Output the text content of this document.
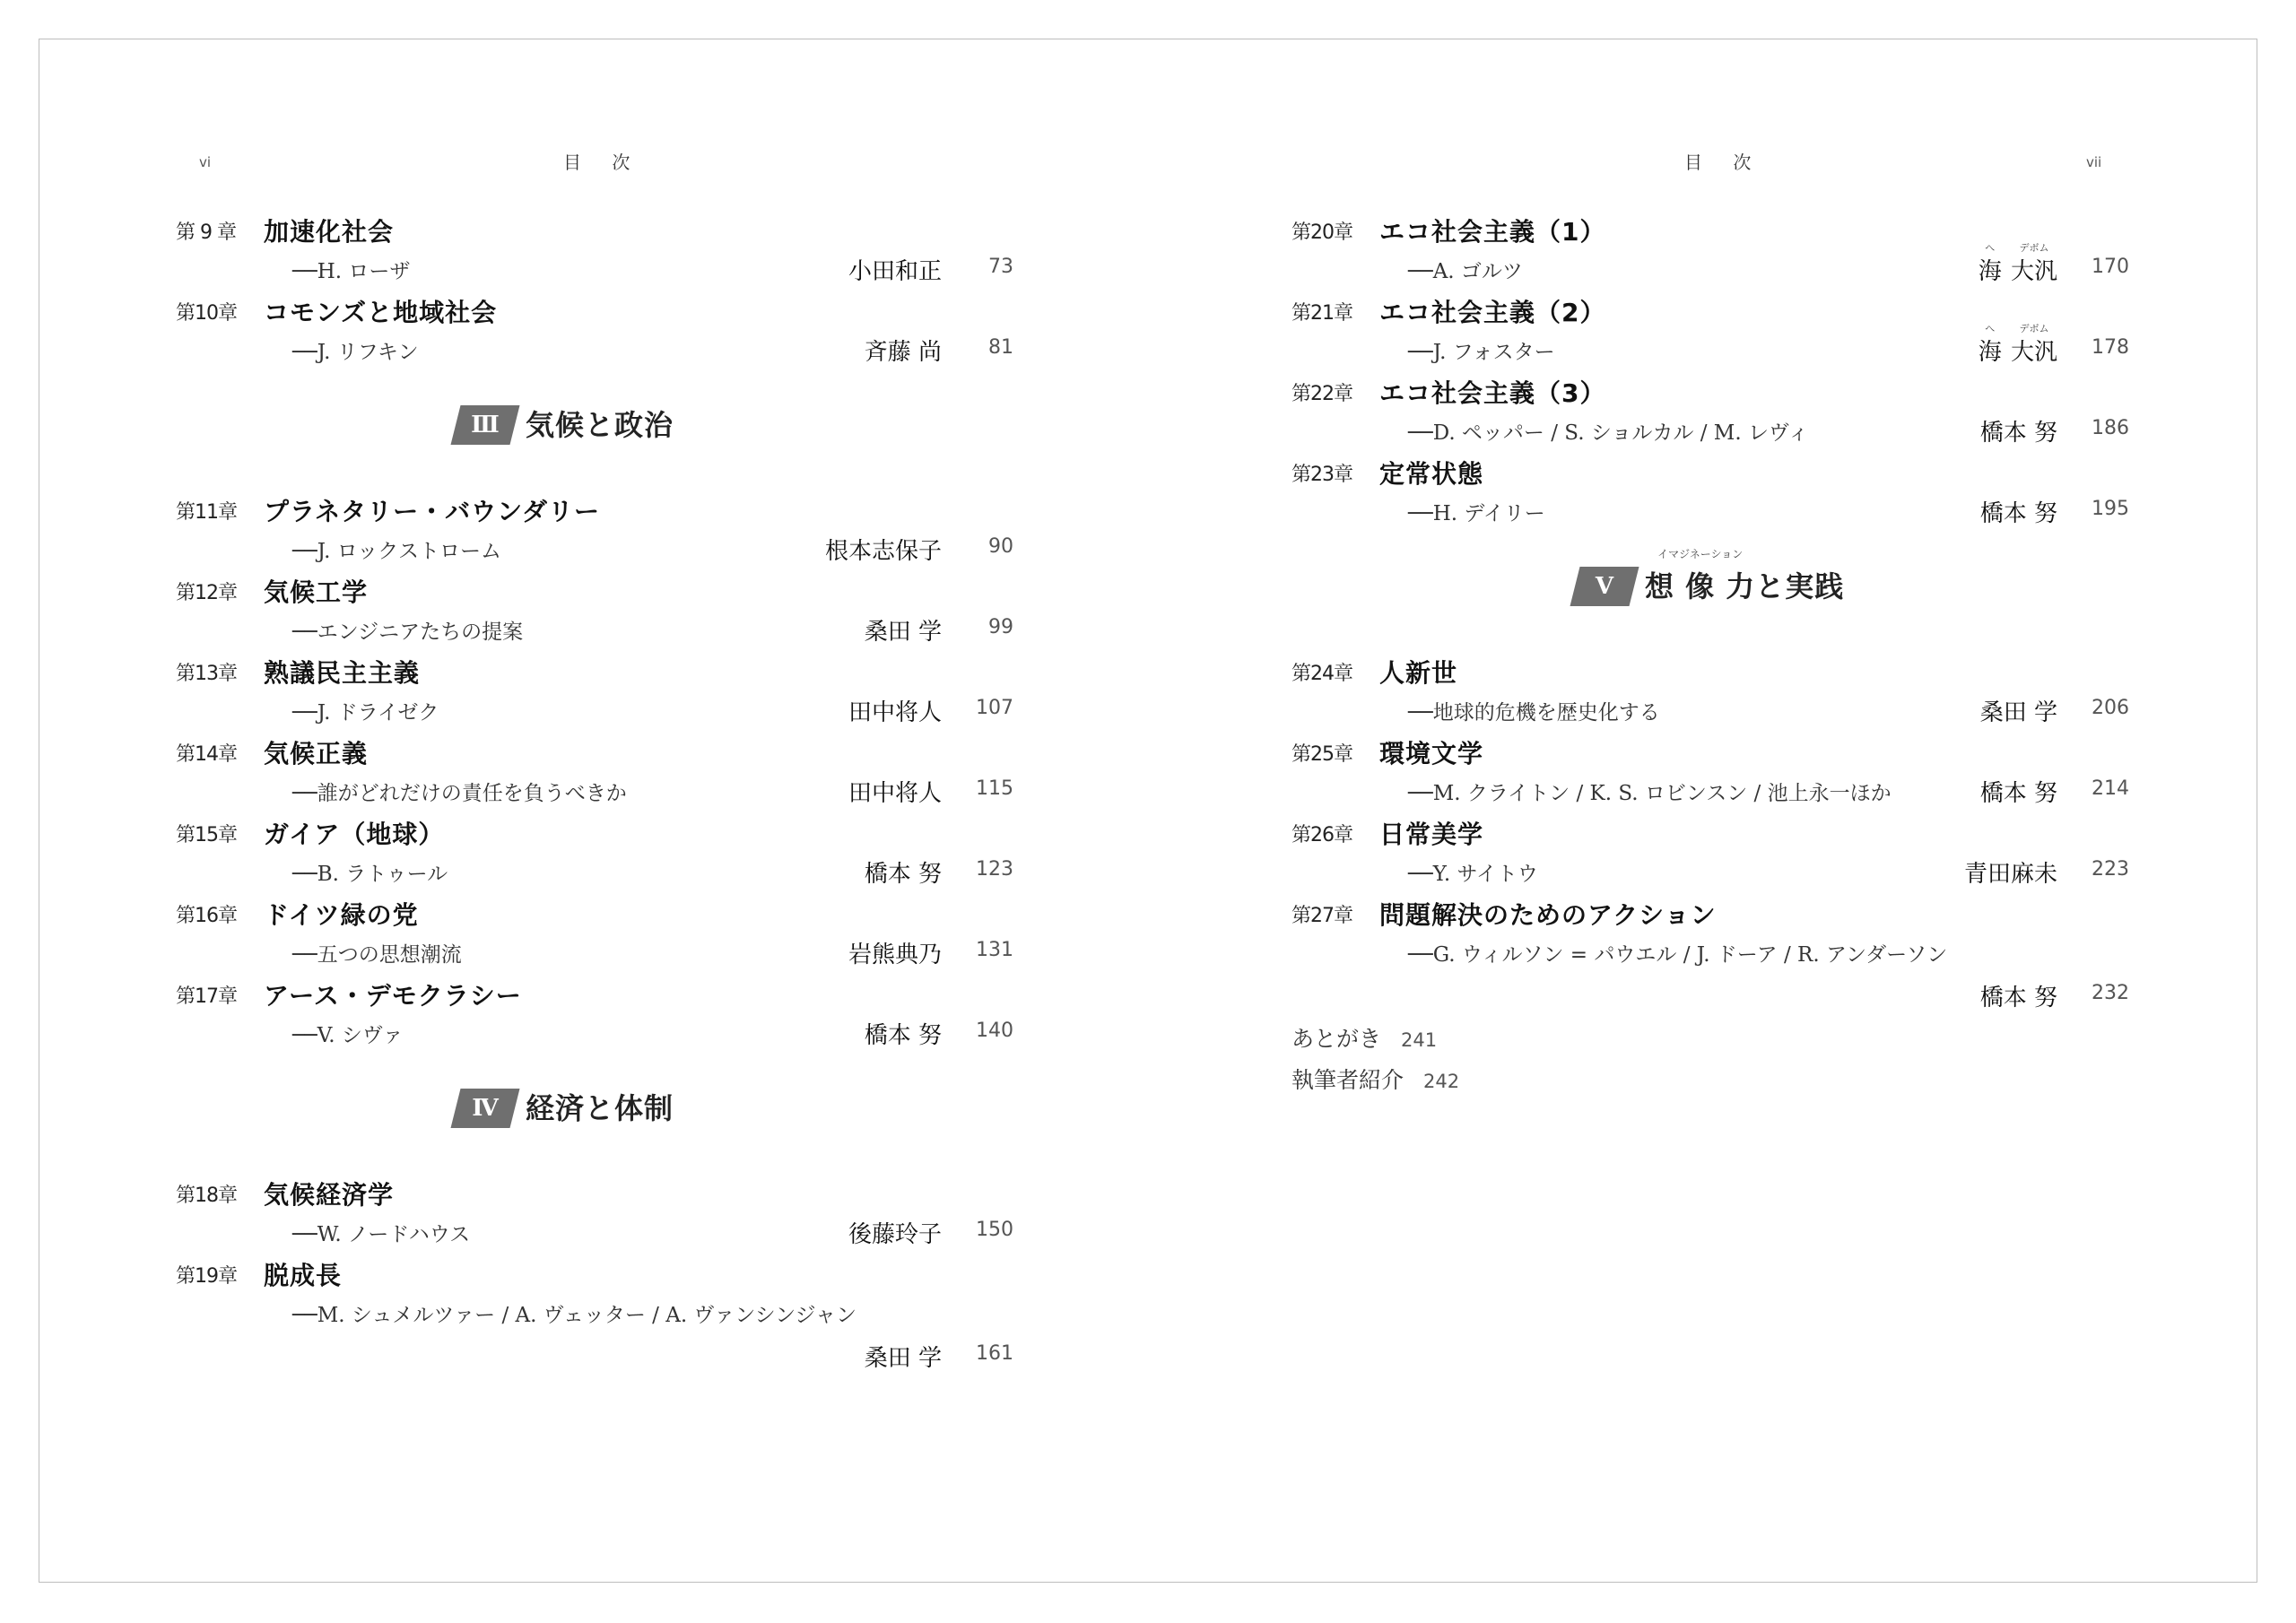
vi	目 次
第 9 章	加速化社会
──H. ローザ	小田和正	73
第10章	コモンズと地域社会
──J. リフキン	斉藤 尚	81
Ⅲ 気候と政治
第11章	プラネタリー・バウンダリー
──J. ロックストローム	根本志保子	90
第12章	気候工学
──エンジニアたちの提案	桑田 学	99
第13章	熟議民主主義
──J. ドライゼク	田中将人	107
第14章	気候正義
──誰がどれだけの責任を負うべきか	田中将人	115
第15章	ガイア（地球）
──B. ラトゥール	橋本 努	123
第16章	ドイツ緑の党
──五つの思想潮流	岩熊典乃	131
第17章	アース・デモクラシー
──V. シヴァ	橋本 努	140
Ⅳ 経済と体制
第18章	気候経済学
──W. ノードハウス	後藤玲子	150
第19章	脱成長
──M. シュメルツァー / A. ヴェッター / A. ヴァンシンジャン
桑田 学	161
目 次	vii
第20章	エコ社会主義（1）
──A. ゴルツ
へ
海
デボム
大汎	170
第21章	エコ社会主義（2）
──J. フォスター
へ
海
デボム
大汎	178
第22章	エコ社会主義（3）
──D. ペッパー / S. ショルカル / M. レヴィ	橋本 努	186
第23章	定常状態
──H. デイリー	橋本 努	195
Ⅴ
イマジネーション
想 像 力と実践
第24章	人新世
──地球的危機を歴史化する	桑田 学	206
第25章	環境文学
──M. クライトン / K. S. ロビンスン / 池上永一ほか	橋本 努	214
第26章	日常美学
──Y. サイトウ	青田麻未	223
第27章	問題解決のためのアクション
──G. ウィルソン = パウエル / J. ドーア / R. アンダーソン
橋本 努	232
あとがき 241
執筆者紹介 242
